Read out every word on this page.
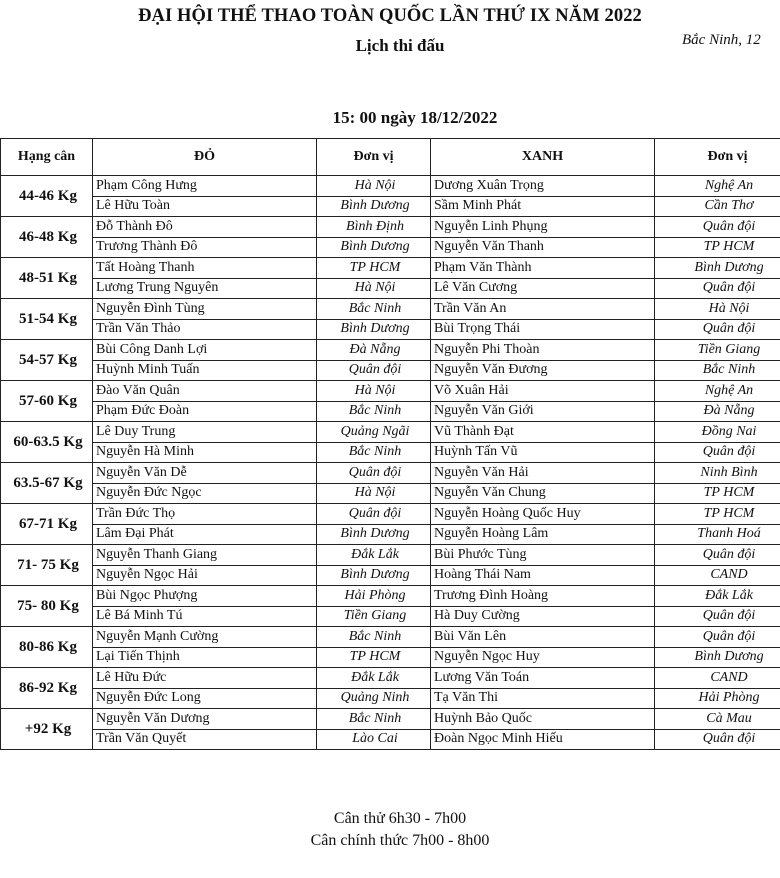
ĐẠI HỘI THỂ THAO TOÀN QUỐC LẦN THỨ IX NĂM 2022
Lịch thi đấu	Bắc Ninh, 12
15: 00 ngày 18/12/2022
Hạng cân	ĐỎ	Đơn vị	XANH	Đơn vị
44-46 Kg	Phạm Công Hưng	Hà Nội	Dương Xuân Trọng	Nghệ An
	Lê Hữu Toàn	Bình Dương	Sầm Minh Phát	Cần Thơ
46-48 Kg	Đỗ Thành Đô	Bình Định	Nguyễn Linh Phụng	Quân đội
	Trương Thành Đô	Bình Dương	Nguyễn Văn Thanh	TP HCM
48-51 Kg	Tất Hoàng Thanh	TP HCM	Phạm Văn Thành	Bình Dương
	Lương Trung Nguyên	Hà Nội	Lê Văn Cương	Quân đội
51-54 Kg	Nguyễn Đình Tùng	Bắc Ninh	Trần Văn An	Hà Nội
	Trần Văn Thảo	Bình Dương	Bùi Trọng Thái	Quân đội
54-57 Kg	Bùi Công Danh Lợi	Đà Nẵng	Nguyễn Phi Thoàn	Tiền Giang
	Huỳnh Minh Tuấn	Quân đội	Nguyễn Văn Đương	Bắc Ninh
57-60 Kg	Đào Văn Quân	Hà Nội	Võ Xuân Hải	Nghệ An
	Phạm Đức Đoàn	Bắc Ninh	Nguyễn Văn Giới	Đà Nẵng
60-63.5 Kg	Lê Duy Trung	Quảng Ngãi	Vũ Thành Đạt	Đồng Nai
	Nguyễn Hà Minh	Bắc Ninh	Huỳnh Tấn Vũ	Quân đội
63.5-67 Kg	Nguyễn Văn Dễ	Quân đội	Nguyễn Văn Hải	Ninh Bình
	Nguyễn Đức Ngọc	Hà Nội	Nguyễn Văn Chung	TP HCM
67-71 Kg	Trần Đức Thọ	Quân đội	Nguyễn Hoàng Quốc Huy	TP HCM
	Lâm Đại Phát	Bình Dương	Nguyễn Hoàng Lâm	Thanh Hoá
71- 75 Kg	Nguyễn Thanh Giang	Đắk Lắk	Bùi Phước Tùng	Quân đội
	Nguyễn Ngọc Hải	Bình Dương	Hoàng Thái Nam	CAND
75- 80 Kg	Bùi Ngọc Phượng	Hải Phòng	Trương Đình Hoàng	Đắk Lắk
	Lê Bá Minh Tú	Tiền Giang	Hà Duy Cường	Quân đội
80-86 Kg	Nguyễn Mạnh Cường	Bắc Ninh	Bùi Văn Lên	Quân đội
	Lại Tiến Thịnh	TP HCM	Nguyễn Ngọc Huy	Bình Dương
86-92 Kg	Lê Hữu Đức	Đắk Lắk	Lương Văn Toán	CAND
	Nguyễn Đức Long	Quảng Ninh	Tạ Văn Thi	Hải Phòng
+92 Kg	Nguyễn Văn Dương	Bắc Ninh	Huỳnh Bảo Quốc	Cà Mau
	Trần Văn Quyết	Lào Cai	Đoàn Ngọc Minh Hiếu	Quân đội
Cân thử 6h30 - 7h00
Cân chính thức 7h00 - 8h00
